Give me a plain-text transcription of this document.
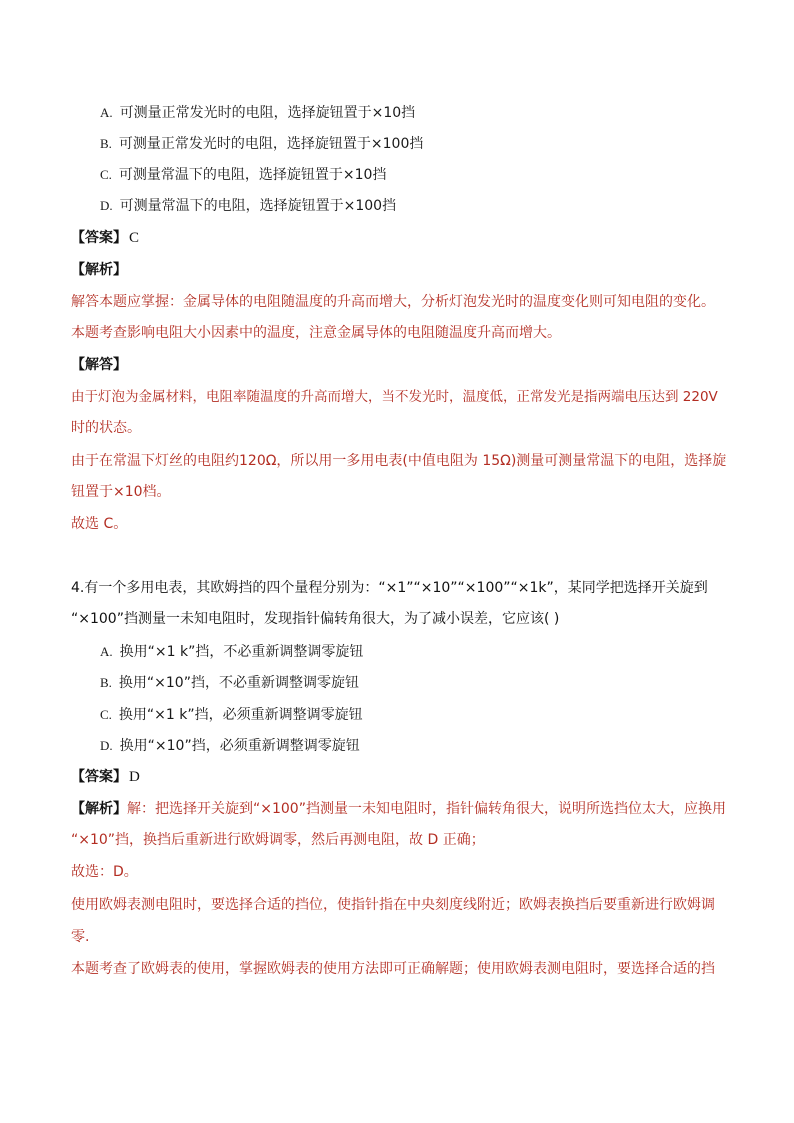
A. 可测量正常发光时的电阻，选择旋钮置于×10挡
B. 可测量正常发光时的电阻，选择旋钮置于×100挡
C. 可测量常温下的电阻，选择旋钮置于×10挡
D. 可测量常温下的电阻，选择旋钮置于×100挡
【答案】 C
【解析】
解答本题应掌握：金属导体的电阻随温度的升高而增大，分析灯泡发光时的温度变化则可知电阻的变化。
本题考查影响电阻大小因素中的温度，注意金属导体的电阻随温度升高而增大。
【解答】
由于灯泡为金属材料，电阻率随温度的升高而增大，当不发光时，温度低，正常发光是指两端电压达到 220V
时的状态。
由于在常温下灯丝的电阻约120Ω，所以用一多用电表(中值电阻为 15Ω)测量可测量常温下的电阻，选择旋
钮置于×10档。
故选 C。
4.有一个多用电表，其欧姆挡的四个量程分别为：“×1”“×10”“×100”“×1k”，某同学把选择开关旋到
“×100”挡测量一未知电阻时，发现指针偏转角很大，为了减小误差，它应该( )
A. 换用“×1 k”挡，不必重新调整调零旋钮
B. 换用“×10”挡，不必重新调整调零旋钮
C. 换用“×1 k”挡，必须重新调整调零旋钮
D. 换用“×10”挡，必须重新调整调零旋钮
【答案】 D
【解析】解：把选择开关旋到“×100”挡测量一未知电阻时，指针偏转角很大，说明所选挡位太大，应换用
“×10”挡，换挡后重新进行欧姆调零，然后再测电阻，故 D 正确；
故选：D。
使用欧姆表测电阻时，要选择合适的挡位，使指针指在中央刻度线附近；欧姆表换挡后要重新进行欧姆调
零.
本题考查了欧姆表的使用，掌握欧姆表的使用方法即可正确解题；使用欧姆表测电阻时，要选择合适的挡
